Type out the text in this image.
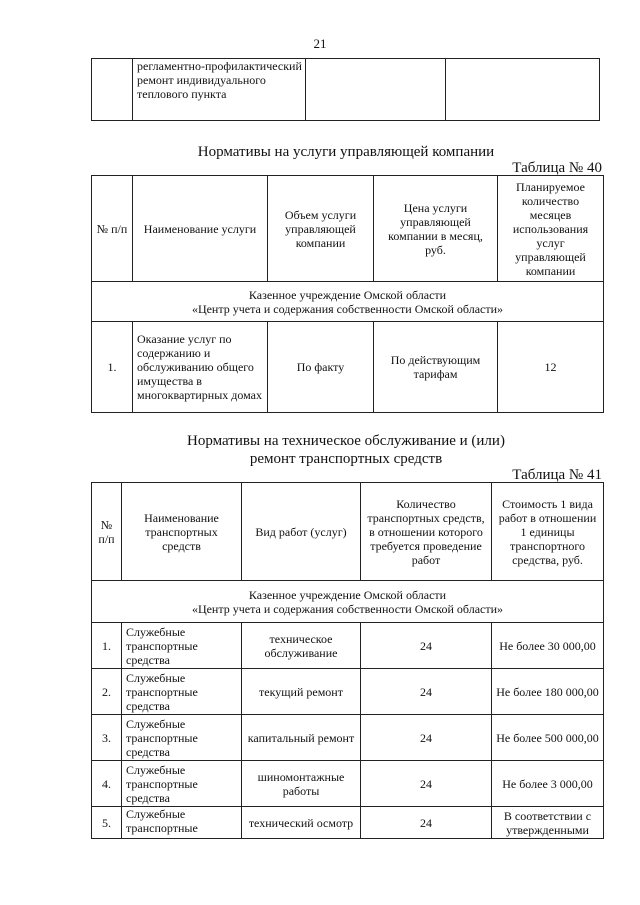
21
	регламентно-профилактический ремонт индивидуального теплового пункта		
Нормативы на услуги управляющей компании
Таблица № 40
№ п/п	Наименование услуги	Объем услуги управляющей компании	Цена услуги управляющей компании в месяц, руб.	Планируемое количество месяцев использования услуг управляющей компании

Казенное учреждение Омской области
«Центр учета и содержания собственности Омской области»				

1.	Оказание услуг по содержанию и обслуживанию общего имущества в многоквартирных домах	По факту	По действующим тарифам	12
Нормативы на техническое обслуживание и (или)
ремонт транспортных средств
Таблица № 41
№ п/п	Наименование транспортных средств	Вид работ (услуг)	Количество транспортных средств, в отношении которого требуется проведение работ	Стоимость 1 вида работ в отношении 1 единицы транспортного средства, руб.

Казенное учреждение Омской области
«Центр учета и содержания собственности Омской области»				

1.	Служебные транспортные средства	техническое обслуживание	24	Не более 30 000,00
2.	Служебные транспортные средства	текущий ремонт	24	Не более 180 000,00
3.	Служебные транспортные средства	капитальный ремонт	24	Не более 500 000,00
4.	Служебные транспортные средства	шиномонтажные работы	24	Не более 3 000,00
5.	Служебные транспортные	технический осмотр	24	В соответствии с утвержденными
